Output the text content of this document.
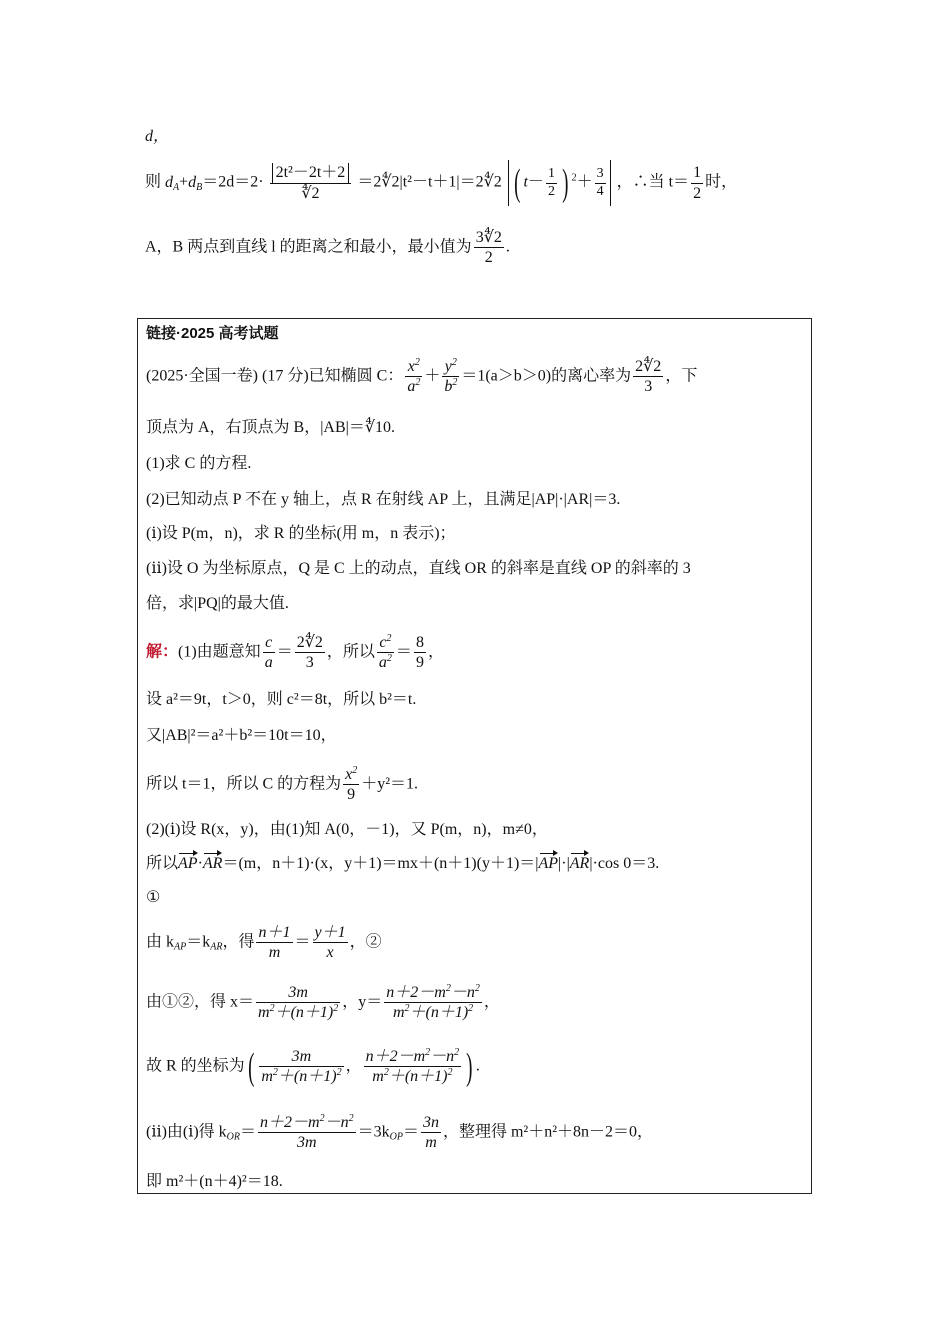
d，
则 $d_A+d_B=2d=2\cdot \frac{\text{2t²－2t＋2}}{∜2}$ ＝2∜2|t²－t＋1|＝2∜2 ( $t- \frac{1}{2}$ ) $^2+ \frac{3}{4}$ ，∴当 $t= \frac{1}{2}$ 时，
A，B 两点到直线 l 的距离之和最小，最小值为 $\frac{3∜2}{2}$ .
链接·2025 高考试题
(2025·全国一卷) (17 分)已知椭圆 C： $\frac{x^2}{a^2} + \frac{y^2}{b^2} =1(a>b>0)$的离心率为 $\frac{2∜2}{3}$ ，下
顶点为 A，右顶点为 B，|AB|＝∜10.
(1)求 C 的方程.
(2)已知动点 P 不在 y 轴上，点 R 在射线 AP 上，且满足|AP|·|AR|＝3.
(ⅰ)设 P(m，n)，求 R 的坐标(用 m，n 表示)；
(ⅱ)设 O 为坐标原点，Q 是 C 上的动点，直线 OR 的斜率是直线 OP 的斜率的 3
倍，求|PQ|的最大值.
解：(1)由题意知 $\frac{c}{a} = \frac{2∜2}{3}$ ，所以 $\frac{c^2}{a^2} = \frac{8}{9}$ ，
设 a²＝9t，t＞0，则 c²＝8t，所以 b²＝t.
又|AB|²＝a²＋b²＝10t＝10，
所以 t＝1，所以 C 的方程为 $\frac{x^2}{9} +y^2=1$.
(2)(ⅰ)设 R(x，y)，由(1)知 A(0，－1)，又 P(m，n)，m≠0，
所以AP·AR＝(m，n＋1)·(x，y＋1)＝mx＋(n＋1)(y＋1)＝|AP|·|AR|·cos 0＝3.
①
由 $k_{AP}=k_{AR}$，得 $\frac{n+1}{m} = \frac{y+1}{x}$ ，②
由①②，得 $x= \frac{3m}{m^2+(n+1)^2}$ ，$y= \frac{n+2-m^2-n^2}{m^2+(n+1)^2}$ ，
故 R 的坐标为( $\frac{3m}{m^2+(n+1)^2}$ ， $\frac{n+2-m^2-n^2}{m^2+(n+1)^2}$ ) .
(ⅱ)由(ⅰ)得 $k_{OR}= \frac{n+2-m^2-n^2}{3m} =3k_{OP}= \frac{3n}{m}$ ，整理得 m²＋n²＋8n－2＝0，
即 m²＋(n＋4)²＝18.
